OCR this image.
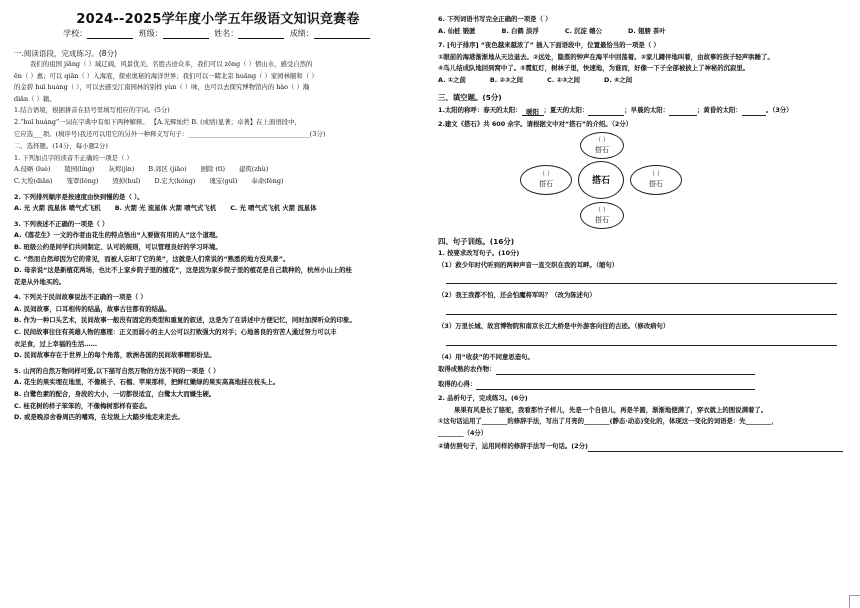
2024--2025学年度小学五年级语文知识竞赛卷
学校：	班级：	姓名：	成绩：
一.阅读语段，完成练习。(8分)
我们的祖国 jiāng（ ）域辽阔，风景优美。名胜古迹众多，我们可以 zōng（ ）情山水，感受自然的
ēn（ ）惠；可以 qiān（ ）入海底，探索奥秘的海洋世界；我们可以一睹北京 huāng（ ）家园林颐和（ ）
的金碧 huī huáng（ ），可以去感受江南园林的别样 yùn（ ）味，也可以去探究博物馆内的 hào（ ）瀚
diǎn（ ）籍。
1.结合语境，根据拼音在括号里填写相应的字词。(5分)
2.“huī huáng”一词在字典中有如下两种解释。 【A.光辉灿烂 B. (成绩)显著；卓著】在上面语段中，
它应选___项。(填序号)我还可以用它的另外一种释义写句子：______________________________________(3分)
二、选择题。(14分，每小题2分)
1. 下列加点字的读音不正确的一项是（ ）
A.侵略 (luè) 陵园(líng) 灰烬(jìn) B.郊区 (jiāo) 剧除 (tī) 建筑(zhù)
C.大殓(diǎn) 笼罩(lǒng) 毁掉(huǐ) D.宏大(hóng) 瑰宝(guī) 奉命(fèng)
2. 下列排列顺序是按速度由快到慢的是（ ）。
A. 光 火箭 流星体 喷气式飞机 B. 火箭 光 流星体 火箭 喷气式飞机 C. 光 喷气式飞机 火箭 流星体
3. 下列表述不正确的一项是（ ）
A.《落花生》一文的作者由花生的特点悟出“人要做有用的人”这个道理。
B. 班级公约是同学们共同制定、认可的规则，可以管理良好的学习环境。
C. “然而自然却因为它的常见，而被人忘却了它的美”，这就是人们常说的“熟悉的地方没风景”。
D. 母亲说“这是新植花两场，也比不上家乡院子里的植花”，这是因为家乡院子里的植花是自己栽种的，杭州小山上的桂
花是从外地买的。
4. 下列关于民间故事说法不正确的一项是（ ）
A. 民间故事，口耳相传的结晶，故事古往都有的结晶。
B. 作为一种口头艺术，民间故事一般没有固定的类型和重复的叙述，这是为了在讲述中方便记忆，同时加深听众的印象。
C. 民间故事往往有英雄人物的惠理：正义而弱小的主人公可以打败强大的对手；心地善良的穷苦人通过努力可以丰
衣足食，过上幸福的生活……
D. 民间故事存在于世界上的每个角落，欧洲各国的民间故事精彩纷呈。
5. 山河的自然万物同样可爱,以下描写自然万物的方法不同的一项是（ ）
A. 花生的果实埋在地里，不像桃子、石榴、苹果那样，把鲜红嫩绿的果实高高地挂在枝头上。
B. 白鹭色素的配合，身段的大小，一切都很适宜，白鹭太大而嫌生硬。
C. 桂花树的样子笨笨的，不像梅树那样有姿态。
D. 或是晚凉舍眷周匹的嗜鸡，在垃圾上大踏步地走来走去。
6. 下列词语书写完全正确的一项是（ ）
A. 仙桩 锻匿	B. 白鹤 淡浮	C. 沉淀 嬉公	D. 翅膀 茶叶
7. [句子排序] “夜色越来越浓了” 插入下面语段中，位置最恰当的一项是（ ）
①眼前的海港渐渐地从天边退去。②远处，隐蒸的钟声在海平中回荡着。③家儿蹲伴地叫着，由故事的孩子轻声哄睡了。
④鸟儿结成队地回到窝中了。⑤霓虹灯，树林子里，快速地，为谁而，好像一下子全部被披上了神秘的沉寂里。
A. ①之前	B. ②③之间	C. ②③之间	D. ④之间
三、填空题。(5分)
1.太阳的称呼：春天的太阳： 暖阳 ；夏天的太阳：	；早晨的太阳：	；黄昏的太阳：	。（3分）
2.建文《搭石》共 600 余字。请根据文中对“搭石”的介绍。（2分）
（ ）
搭石
（ ）
搭石	搭石
（ ）
搭石
（ ）
搭石
四、句子训练。(16分)
1. 按要求改写句子。(10分)
（1）救少年时代听到的两种声音一直交织在我的耳畔。（缩句）
（2）我王我都不怕，还会怕魔将军吗？（改为陈述句）
（3）万里长城、故宫博物院和南京长江大桥是中外游客向往的古迹。（修改病句）
（4）用“收获”的不同意思造句。
取得成熟的农作物：
取得的心得：
2. 品析句子，完成练习。(6分)
果果有风是长了骆驼，我看那竹子样儿，先是一个自信儿，再是半圆，渐渐地便满了，穿衣就上的图说满着了。
①这句话运用了________的修辞手法，写出了月亮的________(静态·动态)变化的，体现这一变化的词语是：先________，
________（4分）
②请仿照句子，运用同样的修辞手法写一句话。(2分)
